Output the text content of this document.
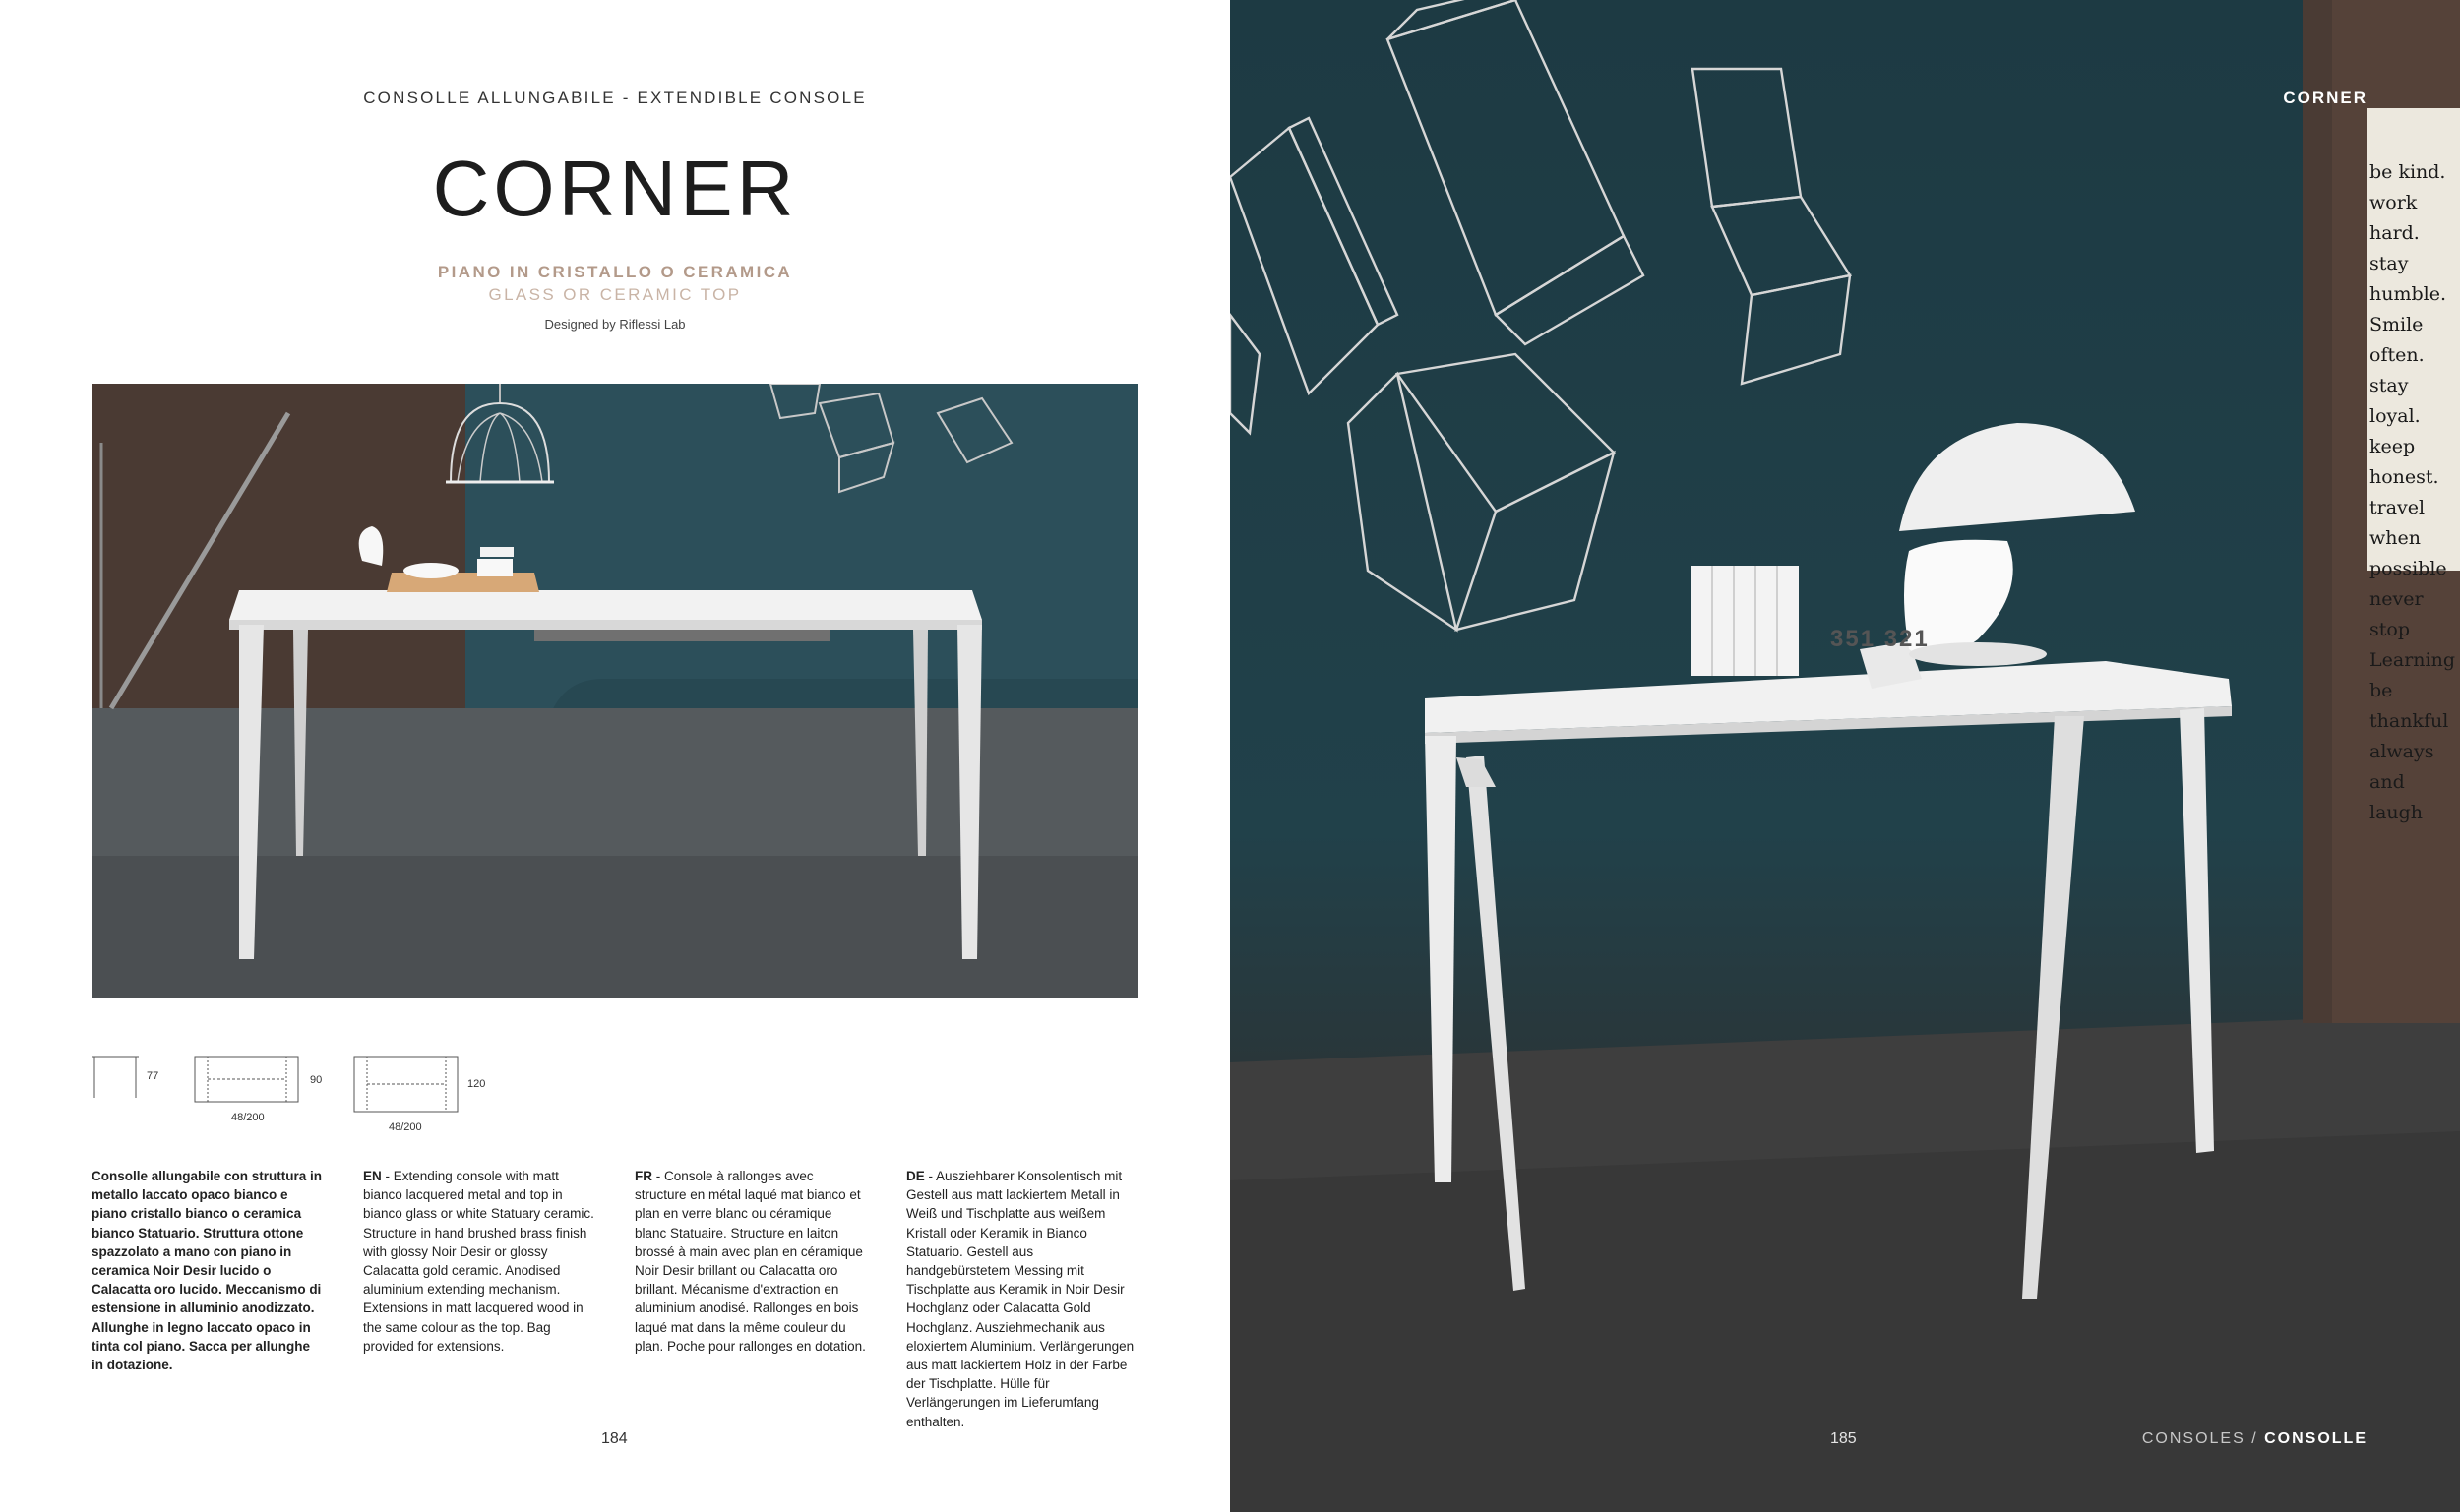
CONSOLLE ALLUNGABILE - EXTENDIBLE CONSOLE
CORNER
PIANO IN CRISTALLO O CERAMICA
GLASS OR CERAMIC TOP
Designed by Riflessi Lab
77	90
48/200
120
48/200
Consolle allungabile con struttura in metallo laccato opaco bianco e piano cristallo bianco o ceramica bianco Statuario. Struttura ottone spazzolato a mano con piano in ceramica Noir Desir lucido o Calacatta oro lucido. Meccanismo di estensione in alluminio anodizzato. Allunghe in legno laccato opaco in tinta col piano. Sacca per allunghe in dotazione.
EN - Extending console with matt bianco lacquered metal and top in bianco glass or white Statuary ceramic. Structure in hand brushed brass finish with glossy Noir Desir or glossy Calacatta gold ceramic. Anodised aluminium extending mechanism. Extensions in matt lacquered wood in the same colour as the top. Bag provided for extensions.
FR - Console à rallonges avec structure en métal laqué mat bianco et plan en verre blanc ou céramique blanc Statuaire. Structure en laiton brossé à main avec plan en céramique Noir Desir brillant ou Calacatta oro brillant. Mécanisme d'extraction en aluminium anodisé. Rallonges en bois laqué mat dans la même couleur du plan. Poche pour rallonges en dotation.
DE - Ausziehbarer Konsolentisch mit Gestell aus matt lackiertem Metall in Weiß und Tischplatte aus weißem Kristall oder Keramik in Bianco Statuario. Gestell aus handgebürstetem Messing mit Tischplatte aus Keramik in Noir Desir Hochglanz oder Calacatta Gold Hochglanz. Ausziehmechanik aus eloxiertem Aluminium. Verlängerungen aus matt lackiertem Holz in der Farbe der Tischplatte. Hülle für Verlängerungen im Lieferumfang enthalten.
184
351 321
be kind.
work hard.
stay humble.
Smile often.
stay loyal.
keep honest.
travel when possible
never stop
Learning
be thankful
always
and laugh
CORNER
185	CONSOLES / CONSOLLE
